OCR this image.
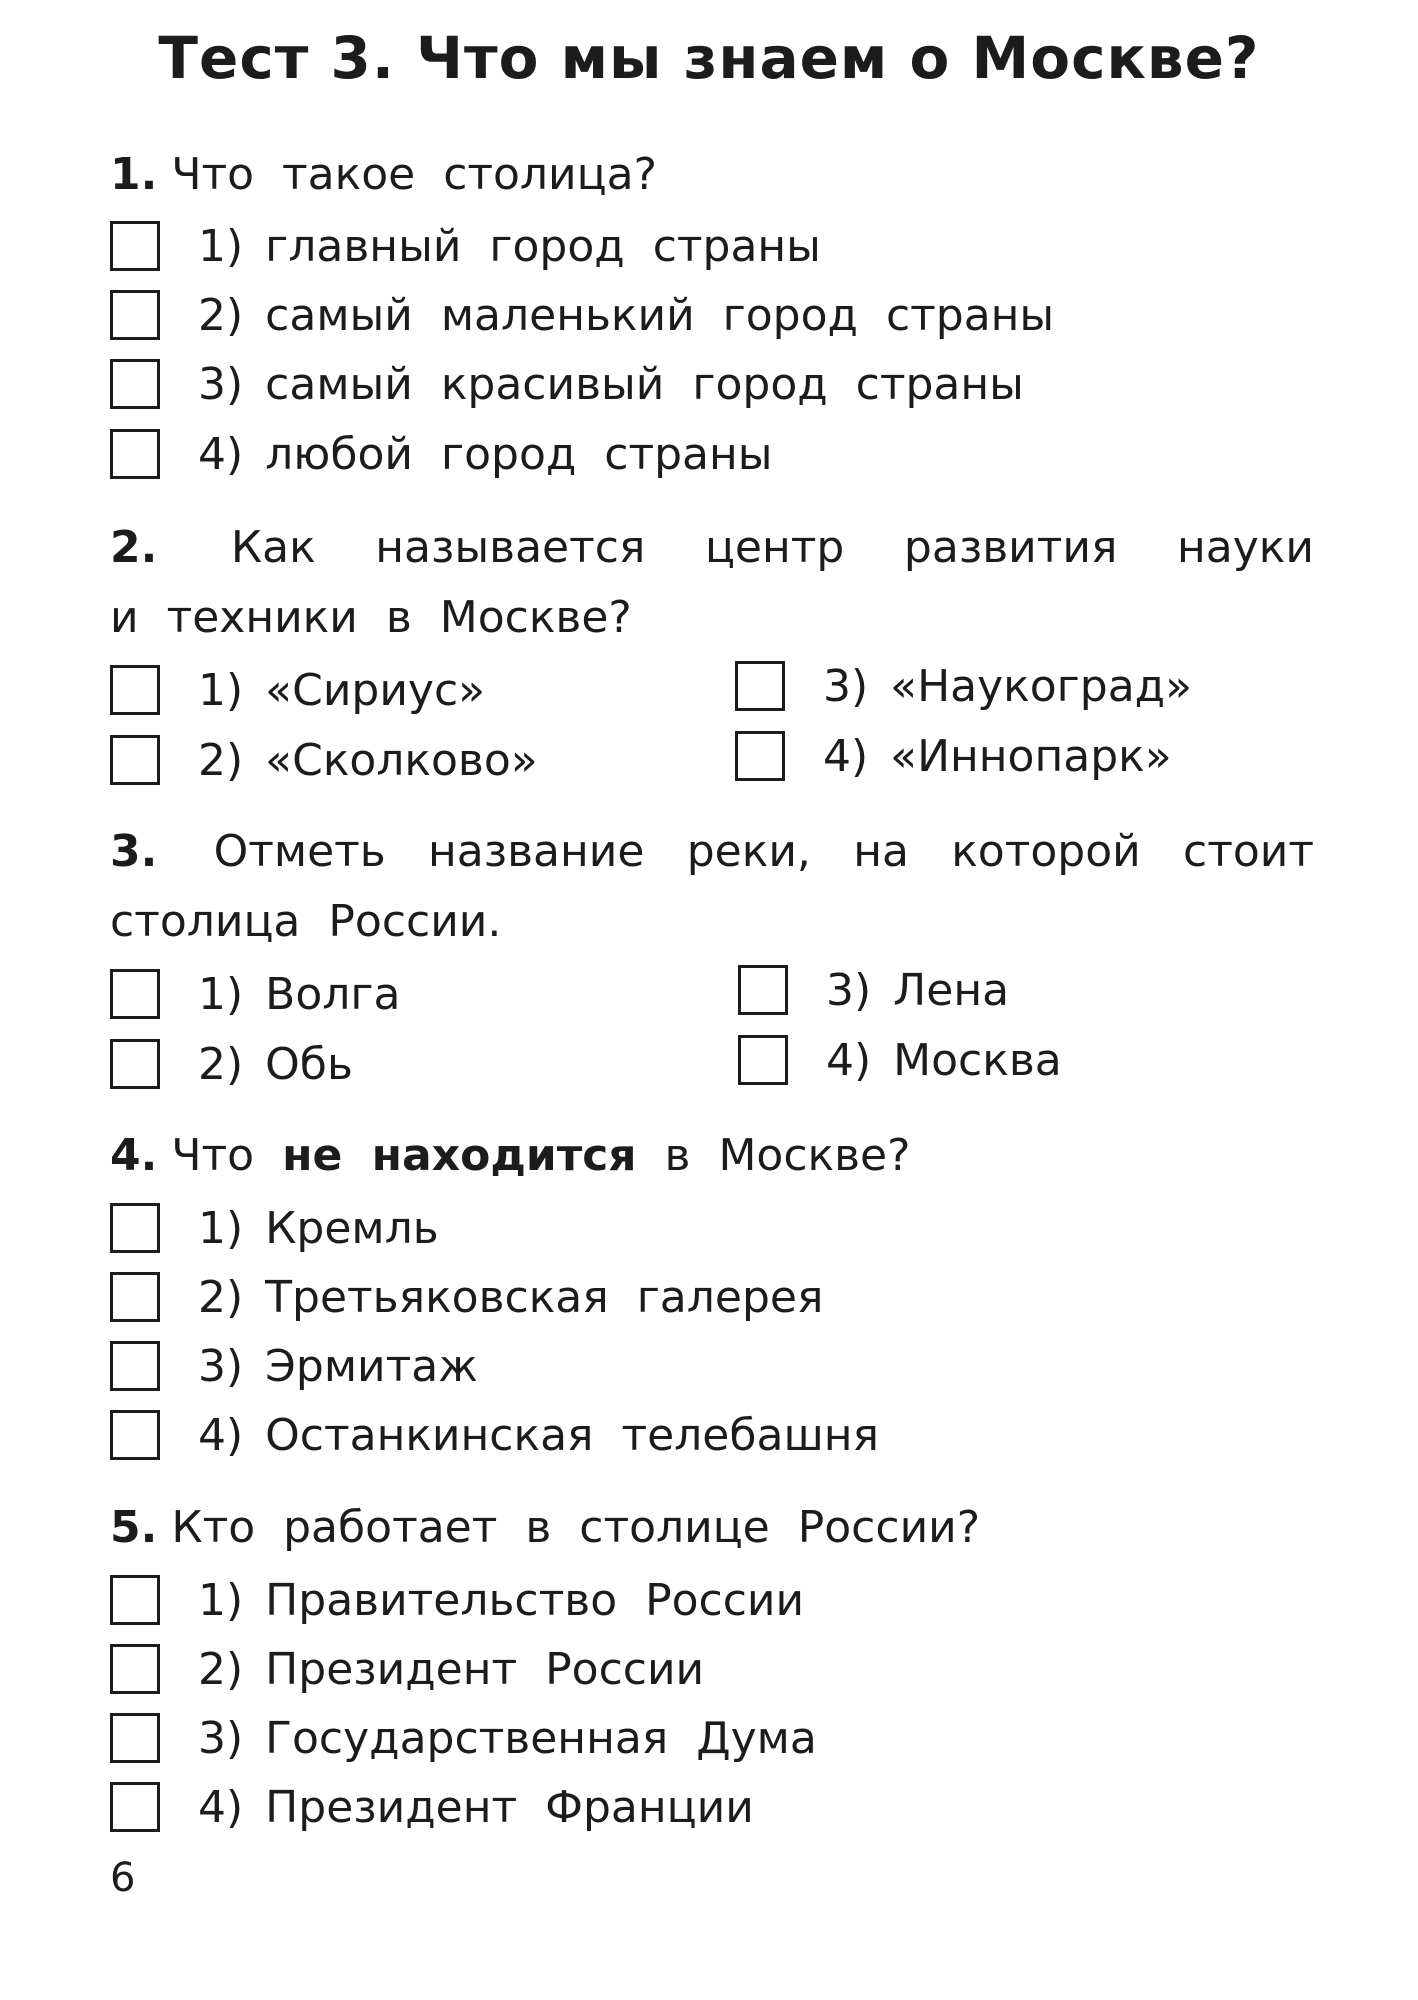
Тест 3. Что мы знаем о Москве?
1. Что такое столица?
1) главный город страны
2) самый маленький город страны
3) самый красивый город страны
4) любой город страны
2. Как называется центр развития науки
и техники в Москве?
1) «Сириус»
2) «Сколково»
3) «Наукоград»
4) «Иннопарк»
3. Отметь название реки, на которой стоит
столица России.
1) Волга
2) Обь
3) Лена
4) Москва
4. Что не находится в Москве?
1) Кремль
2) Третьяковская галерея
3) Эрмитаж
4) Останкинская телебашня
5. Кто работает в столице России?
1) Правительство России
2) Президент России
3) Государственная Дума
4) Президент Франции
6
